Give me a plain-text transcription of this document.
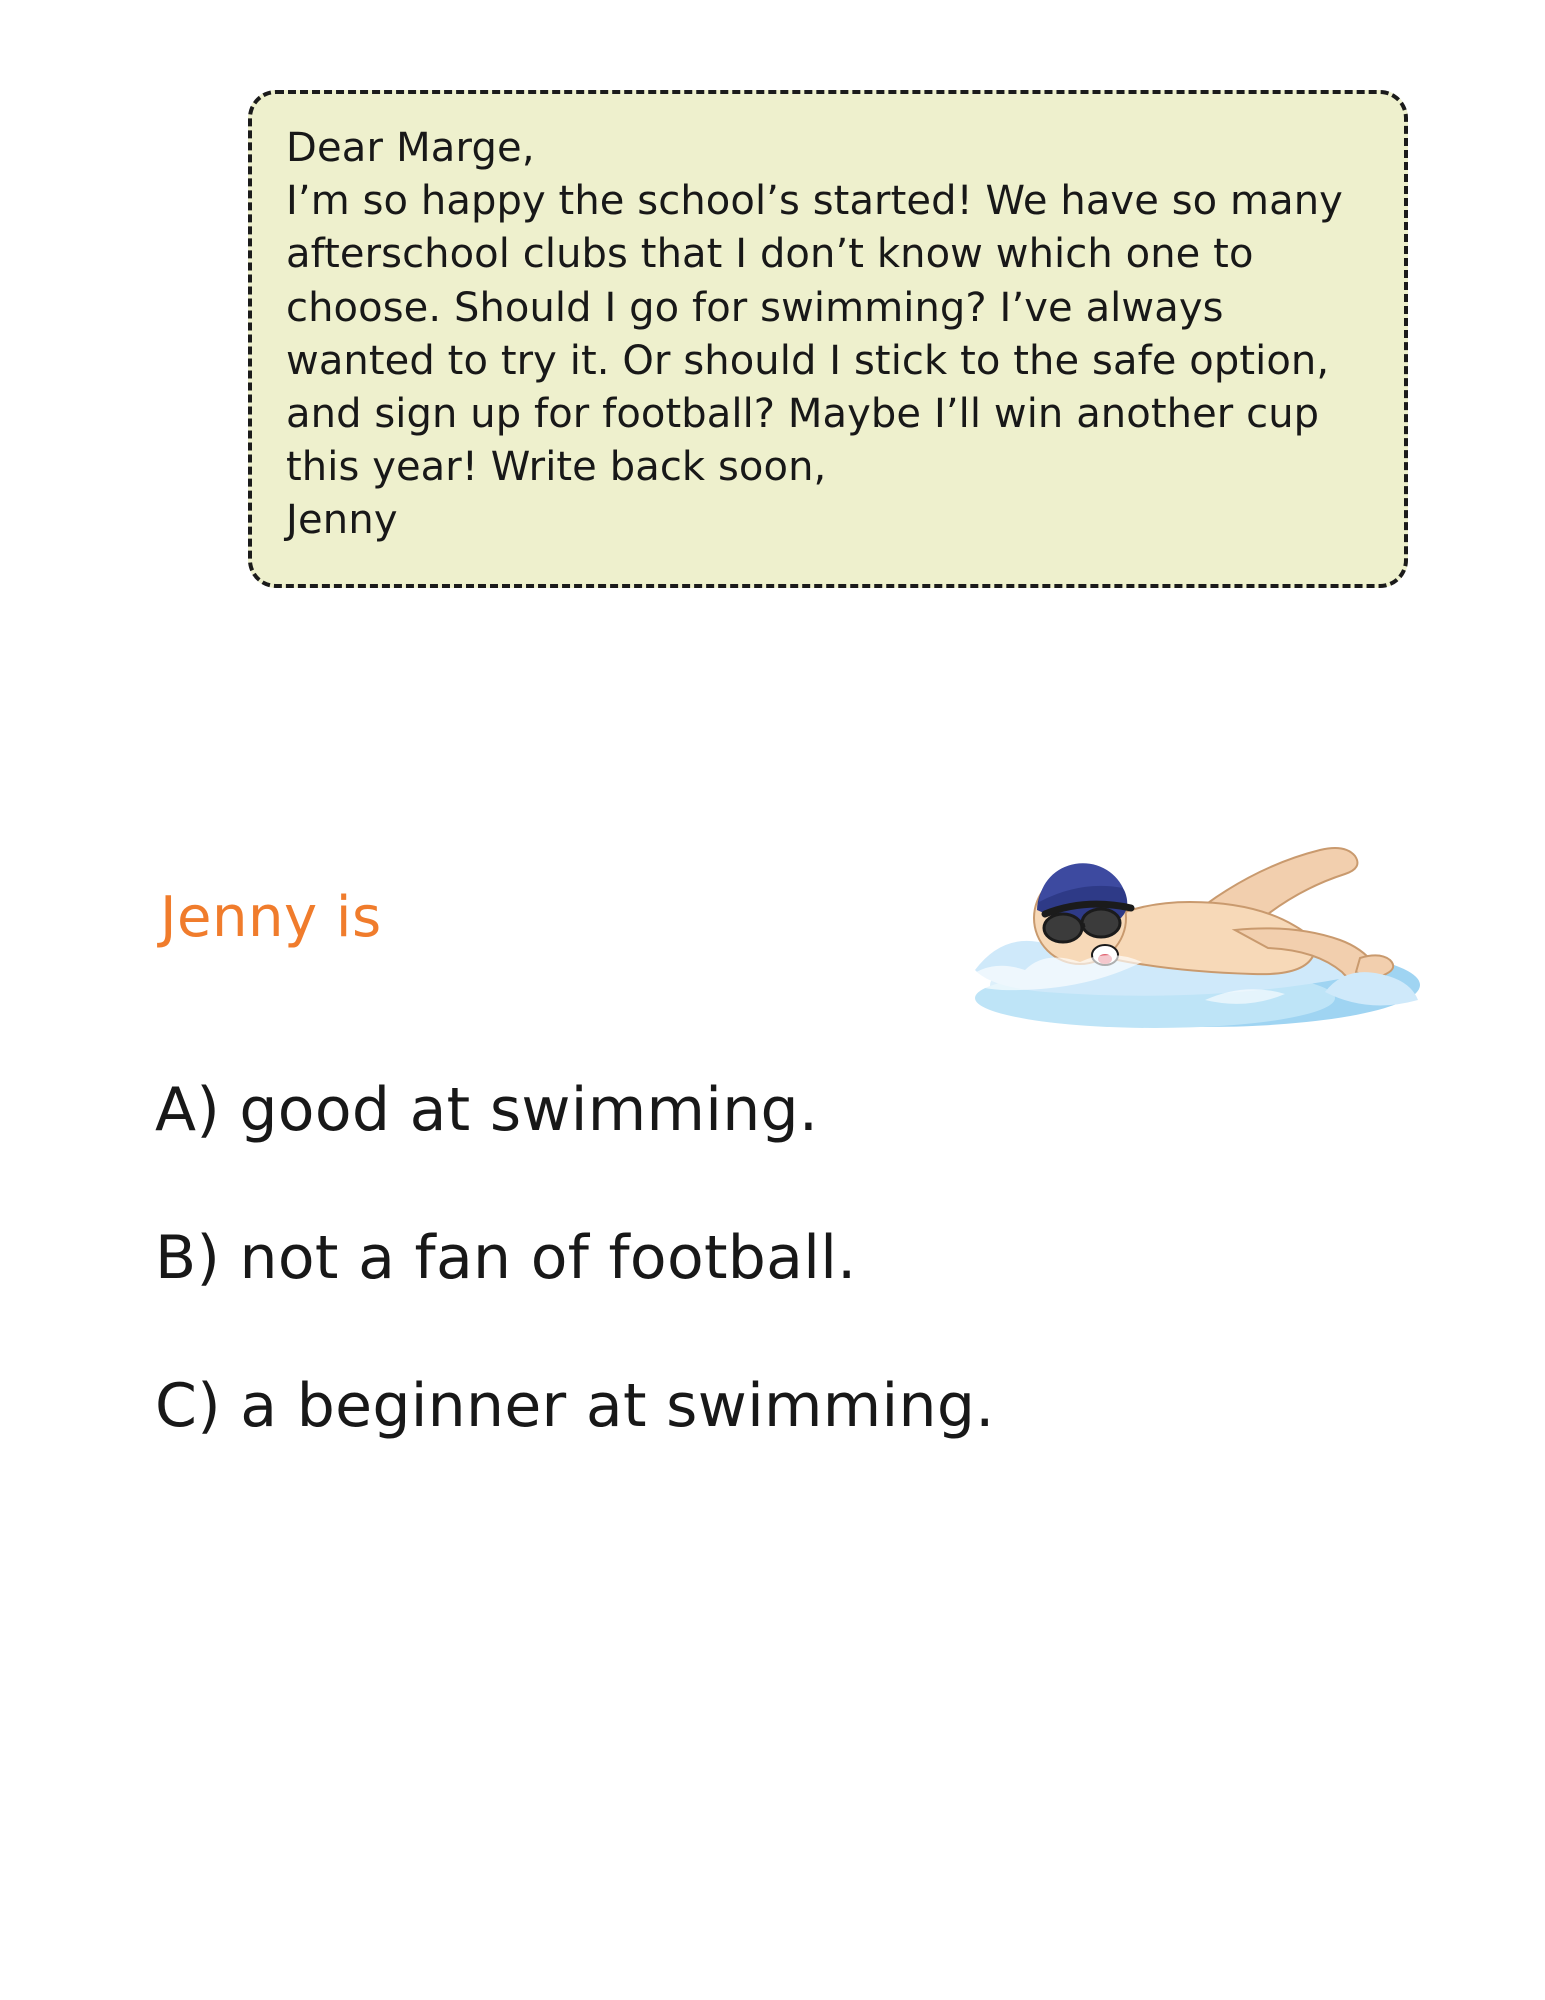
Dear Marge,

I’m so happy the school’s started! We have so many afterschool clubs that I don’t know which one to choose. Should I go for swimming? I’ve always wanted to try it. Or should I stick to the safe option, and sign up for football? Maybe I’ll win another cup this year! Write back soon,

Jenny

Jenny is
A) good at swimming.
B) not a fan of football.
C) a beginner at swimming.
